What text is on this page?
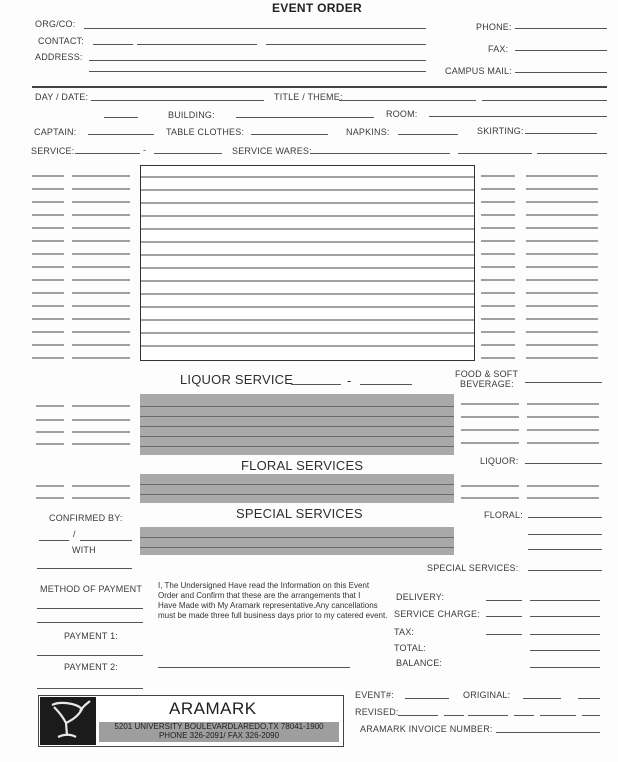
EVENT ORDER
ORG/CO:	PHONE:
CONTACT:
FAX:
ADDRESS:
CAMPUS MAIL:
DAY / DATE:	TITLE / THEME:
BUILDING:	ROOM:
CAPTAIN:	TABLE CLOTHES:	NAPKINS:	SKIRTING:
SERVICE:	-	SERVICE WARES:
LIQUOR SERVICE	-	FOOD & SOFT
BEVERAGE:
FLORAL SERVICES	LIQUOR:
CONFIRMED BY:
/
WITH
SPECIAL SERVICES	FLORAL:
SPECIAL SERVICES:
METHOD OF PAYMENT
PAYMENT 1:
PAYMENT 2:
I, The Undersigned Have read the Information on this Event
Order and Confirm that these are the arrangements that I
Have Made with My Aramark representative.Any cancellations
must be made three full business days prior to my catered event.
DELIVERY:
SERVICE CHARGE:
TAX:
TOTAL:
BALANCE:
ARAMARK
5201 UNIVERSITY BOULEVARDLAREDO,TX 78041-1900
PHONE 326-2091/ FAX 326-2090
EVENT#:	ORIGINAL:
REVISED:
ARAMARK INVOICE NUMBER:
